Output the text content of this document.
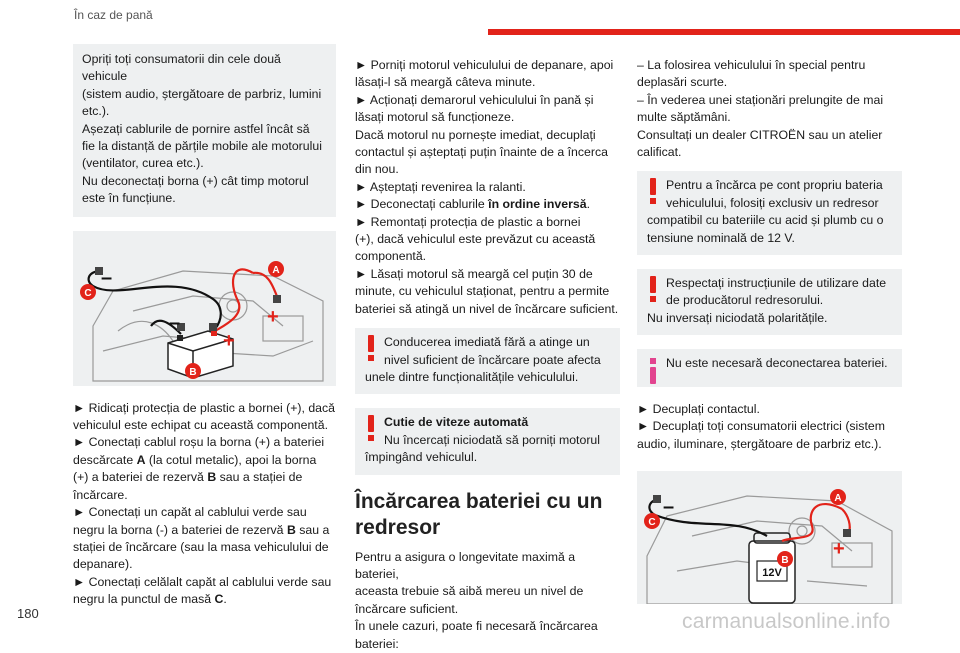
În caz de pană

Opriți toți consumatorii din cele două vehicule

(sistem audio, ștergătoare de parbriz, lumini

etc.).

Așezați cablurile de pornire astfel încât să

fie la distanță de părțile mobile ale motorului

(ventilator, curea etc.).

Nu deconectați borna (+) cât timp motorul

este în funcțiune.

–
–	+
+
A
B
C

► Ridicați protecția de plastic a bornei (+), dacă

vehiculul este echipat cu această componentă.

► Conectați cablul roșu la borna (+) a bateriei

descărcate A (la cotul metalic), apoi la borna

(+) a bateriei de rezervă B sau a stației de

încărcare.

► Conectați un capăt al cablului verde sau

negru la borna (-) a bateriei de rezervă B sau a

stației de încărcare (sau la masa vehiculului de

depanare).

► Conectați celălalt capăt al cablului verde sau

negru la punctul de masă C.

► Porniți motorul vehiculului de depanare, apoi

lăsați-l să meargă câteva minute.

► Acționați demarorul vehiculului în pană și

lăsați motorul să funcționeze.

Dacă motorul nu pornește imediat, decuplați

contactul și așteptați puțin înainte de a încerca

din nou.

► Așteptați revenirea la ralanti.

► Deconectați cablurile în ordine inversă.

► Remontați protecția de plastic a bornei

(+), dacă vehiculul este prevăzut cu această

componentă.

► Lăsați motorul să meargă cel puțin 30 de

minute, cu vehiculul staționat, pentru a permite

bateriei să atingă un nivel de încărcare suficient.

Conducerea imediată fără a atinge un

nivel suficient de încărcare poate afecta

unele dintre funcționalitățile vehiculului.

Cutie de viteze automată

Nu încercați niciodată să porniți motorul

împingând vehiculul.

Încărcarea bateriei cu un
redresor

Pentru a asigura o longevitate maximă a bateriei,

aceasta trebuie să aibă mereu un nivel de

încărcare suficient.

În unele cazuri, poate fi necesară încărcarea

bateriei:

– La folosirea vehiculului în special pentru

deplasări scurte.

– În vederea unei staționări prelungite de mai

multe săptămâni.

Consultați un dealer CITROËN sau un atelier

calificat.

Pentru a încărca pe cont propriu bateria

vehiculului, folosiți exclusiv un redresor

compatibil cu bateriile cu acid și plumb cu o

tensiune nominală de 12 V.

Respectați instrucțiunile de utilizare date

de producătorul redresorului.

Nu inversați niciodată polaritățile.

Nu este necesară deconectarea bateriei.

► Decuplați contactul.

► Decuplați toți consumatorii electrici (sistem

audio, iluminare, ștergătoare de parbriz etc.).

12V
–
+
A
B
C
180	carmanualsonline.info
